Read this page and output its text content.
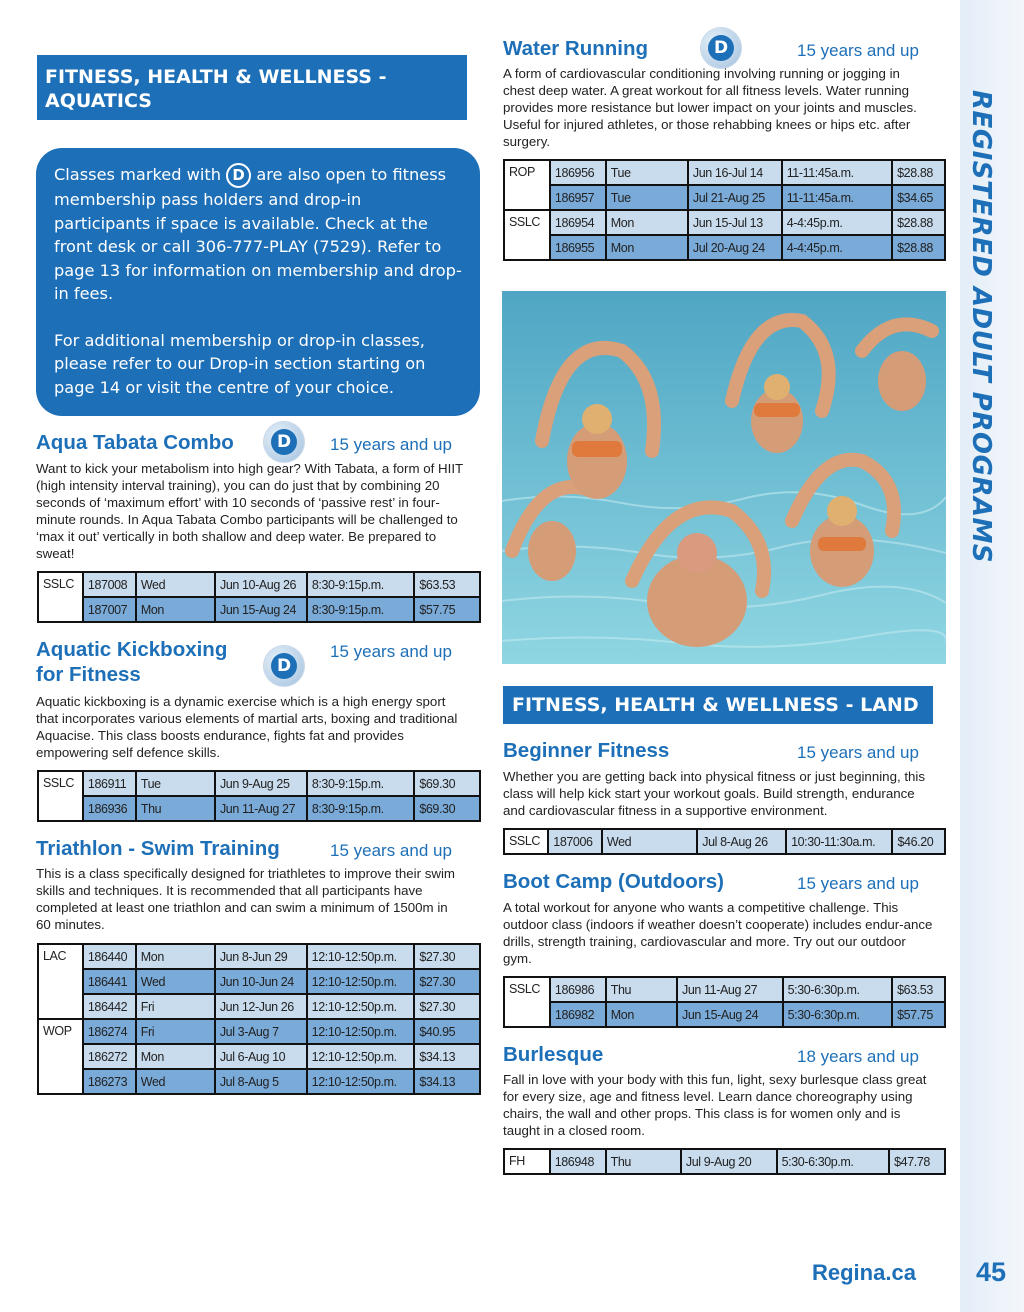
REGISTERED ADULT PROGRAMS
Regina.ca 45
FITNESS, HEALTH & WELLNESS - AQUATICS

Classes marked with D are also open to fitness membership pass holders and drop-in participants if space is available. Check at the front desk or call 306-777-PLAY (7529). Refer to page 13 for information on membership and drop-in fees.

For additional membership or drop-in classes, please refer to our Drop-in section starting on page 14 or visit the centre of your choice.

Aqua Tabata Combo	D	15 years and up
Want to kick your metabolism into high gear? With Tabata, a form of HIIT (high intensity interval training), you can do just that by combining 20 seconds of ‘maximum effort’ with 10 seconds of ‘passive rest’ in four-minute rounds. In Aqua Tabata Combo participants will be challenged to ‘max it out’ vertically in both shallow and deep water. Be prepared to sweat!
SSLC	187008	Wed	Jun 10-Aug 26	8:30-9:15p.m.	$63.53
	187007	Mon	Jun 15-Aug 24	8:30-9:15p.m.	$57.75
Aquatic Kickboxing
for Fitness	D
15 years and up
Aquatic kickboxing is a dynamic exercise which is a high energy sport that incorporates various elements of martial arts, boxing and traditional Aquacise. This class boosts endurance, fights fat and provides empowering self defence skills.
SSLC	186911	Tue	Jun 9-Aug 25	8:30-9:15p.m.	$69.30
	186936	Thu	Jun 11-Aug 27	8:30-9:15p.m.	$69.30
Triathlon - Swim Training	15 years and up
This is a class specifically designed for triathletes to improve their swim skills and techniques. It is recommended that all participants have completed at least one triathlon and can swim a minimum of 1500m in 60 minutes.
LAC	186440	Mon	Jun 8-Jun 29	12:10-12:50p.m.	$27.30
	186441	Wed	Jun 10-Jun 24	12:10-12:50p.m.	$27.30
	186442	Fri	Jun 12-Jun 26	12:10-12:50p.m.	$27.30
WOP	186274	Fri	Jul 3-Aug 7	12:10-12:50p.m.	$40.95
	186272	Mon	Jul 6-Aug 10	12:10-12:50p.m.	$34.13
	186273	Wed	Jul 8-Aug 5	12:10-12:50p.m.	$34.13
Water Running	D	15 years and up
A form of cardiovascular conditioning involving running or jogging in chest deep water. A great workout for all fitness levels. Water running provides more resistance but lower impact on your joints and muscles. Useful for injured athletes, or those rehabbing knees or hips etc. after surgery.
ROP	186956	Tue	Jun 16-Jul 14	11-11:45a.m.	$28.88
	186957	Tue	Jul 21-Aug 25	11-11:45a.m.	$34.65
SSLC	186954	Mon	Jun 15-Jul 13	4-4:45p.m.	$28.88
	186955	Mon	Jul 20-Aug 24	4-4:45p.m.	$28.88
FITNESS, HEALTH & WELLNESS - LAND
Beginner Fitness	15 years and up
Whether you are getting back into physical fitness or just beginning, this class will help kick start your workout goals. Build strength, endurance and cardiovascular fitness in a supportive environment.
SSLC	187006	Wed	Jul 8-Aug 26	10:30-11:30a.m.	$46.20
Boot Camp (Outdoors)	15 years and up
A total workout for anyone who wants a competitive challenge. This outdoor class (indoors if weather doesn’t cooperate) includes endur-ance drills, strength training, cardiovascular and more. Try out our outdoor gym.
SSLC	186986	Thu	Jun 11-Aug 27	5:30-6:30p.m.	$63.53
	186982	Mon	Jun 15-Aug 24	5:30-6:30p.m.	$57.75
Burlesque	18 years and up
Fall in love with your body with this fun, light, sexy burlesque class great for every size, age and fitness level. Learn dance choreography using chairs, the wall and other props. This class is for women only and is taught in a closed room.
FH	186948	Thu	Jul 9-Aug 20	5:30-6:30p.m.	$47.78
